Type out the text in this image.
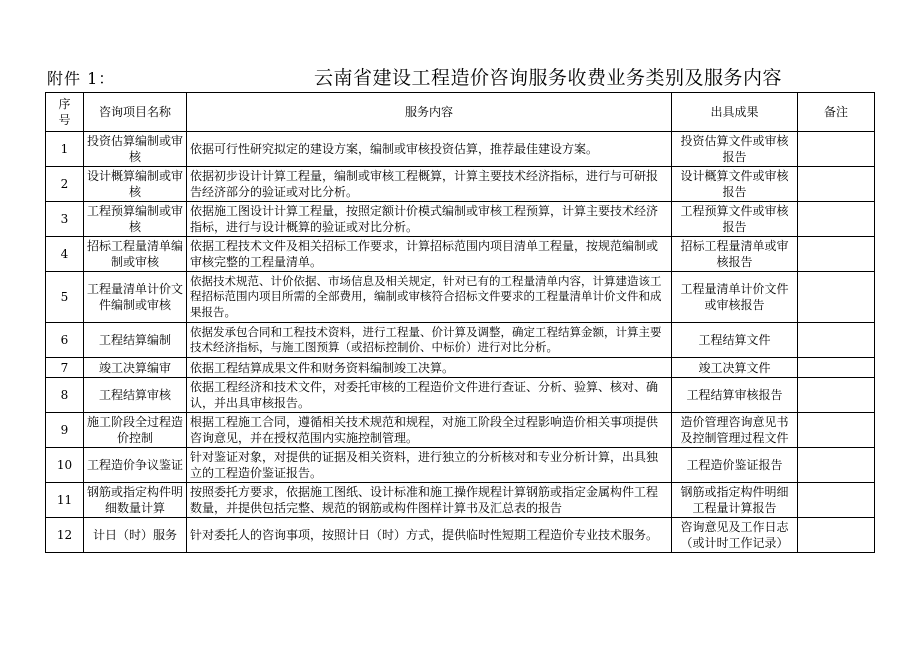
附件 1：	云南省建设工程造价咨询服务收费业务类别及服务内容
序号	咨询项目名称	服务内容	出具成果	备注
1	投资估算编制或审核	依据可行性研究拟定的建设方案，编制或审核投资估算，推荐最佳建设方案。	投资估算文件或审核报告	
2	设计概算编制或审核	依据初步设计计算工程量，编制或审核工程概算，计算主要技术经济指标，进行与可研报告经济部分的验证或对比分析。	设计概算文件或审核报告	
3	工程预算编制或审核	依据施工图设计计算工程量，按照定额计价模式编制或审核工程预算，计算主要技术经济指标，进行与设计概算的验证或对比分析。	工程预算文件或审核报告	
4	招标工程量清单编制或审核	依据工程技术文件及相关招标工作要求，计算招标范围内项目清单工程量，按规范编制或审核完整的工程量清单。	招标工程量清单或审核报告	
5	工程量清单计价文件编制或审核	依据技术规范、计价依据、市场信息及相关规定，针对已有的工程量清单内容，计算建造该工程招标范围内项目所需的全部费用，编制或审核符合招标文件要求的工程量清单计价文件和成果报告。	工程量清单计价文件或审核报告	
6	工程结算编制	依据发承包合同和工程技术资料，进行工程量、价计算及调整，确定工程结算金额，计算主要技术经济指标，与施工图预算（或招标控制价、中标价）进行对比分析。	工程结算文件	
7	竣工决算编审	依据工程结算成果文件和财务资料编制竣工决算。	竣工决算文件	
8	工程结算审核	依据工程经济和技术文件，对委托审核的工程造价文件进行查证、分析、验算、核对、确认，并出具审核报告。	工程结算审核报告	
9	施工阶段全过程造价控制	根据工程施工合同，遵循相关技术规范和规程，对施工阶段全过程影响造价相关事项提供咨询意见，并在授权范围内实施控制管理。	造价管理咨询意见书及控制管理过程文件	
10	工程造价争议鉴证	针对鉴证对象，对提供的证据及相关资料，进行独立的分析核对和专业分析计算，出具独立的工程造价鉴证报告。	工程造价鉴证报告	
11	钢筋或指定构件明细数量计算	按照委托方要求，依据施工图纸、设计标准和施工操作规程计算钢筋或指定金属构件工程数量，并提供包括完整、规范的钢筋或构件图样计算书及汇总表的报告	钢筋或指定构件明细工程量计算报告	
12	计日（时）服务	针对委托人的咨询事项，按照计日（时）方式，提供临时性短期工程造价专业技术服务。	咨询意见及工作日志（或计时工作记录）	
